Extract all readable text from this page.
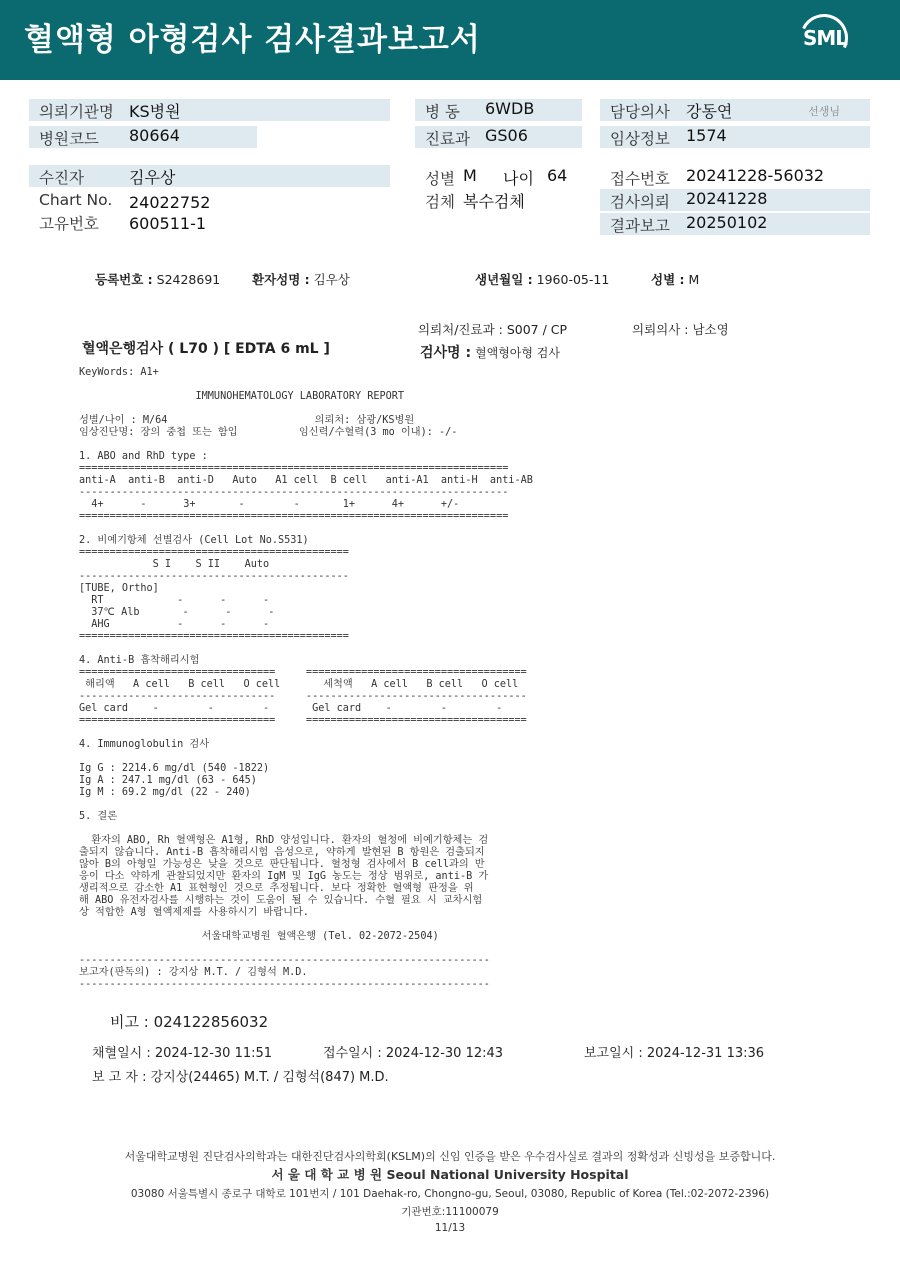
혈액형 아형검사 검사결과보고서	SML
의뢰기관명 KS병원
병원코드 80664
수진자	김우상
Chart No. 24022752
고유번호 600511-1
병 동 6WDB
진료과 GS06
성별 M 나이 64
검체 복수검체
담당의사 강동연	선생님
임상정보 1574
접수번호 20241228-56032
검사의뢰 20241228
결과보고 20250102
등록번호 : S2428691	환자성명 : 김우상	생년월일 : 1960-05-11	성별 : M
의뢰처/진료과 : S007 / CP	의뢰의사 : 남소영
혈액은행검사 ( L70 ) [ EDTA 6 mL ]	검사명 : 혈액형아형 검사
KeyWords: A1+

IMMUNOHEMATOLOGY LABORATORY REPORT

성별/나이 : M/64                        의뢰처: 삼광/KS병원
임상진단명: 장의 중첩 또는 함입          임신력/수혈력(3 mo 이내): -/-

1. ABO and RhD type :
======================================================================
anti-A  anti-B  anti-D   Auto   A1 cell  B cell   anti-A1  anti-H  anti-AB
----------------------------------------------------------------------
4+      -      3+       -        -       1+      4+      +/-
======================================================================

2. 비예기항체 선별검사 (Cell Lot No.S531)
============================================
S I    S II    Auto
--------------------------------------------
[TUBE, Ortho]
RT            -      -      -
37℃ Alb       -      -      -
AHG           -      -      -
============================================

4. Anti-B 흡착해리시험
================================     ====================================
해리액   A cell   B cell   O cell       세척액   A cell   B cell   O cell
--------------------------------     ------------------------------------
Gel card    -        -        -       Gel card    -        -        -
================================     ====================================

4. Immunoglobulin 검사

Ig G : 2214.6 mg/dl (540 -1822)
Ig A : 247.1 mg/dl (63 - 645)
Ig M : 69.2 mg/dl (22 - 240)

5. 결론

환자의 ABO, Rh 혈액형은 A1형, RhD 양성입니다. 환자의 혈청에 비예기항체는 검
출되지 않습니다. Anti-B 흡착해리시험 음성으로, 약하게 발현된 B 항원은 검출되지
않아 B의 아형일 가능성은 낮을 것으로 판단됩니다. 혈청형 검사에서 B cell과의 반
응이 다소 약하게 관찰되었지만 환자의 IgM 및 IgG 농도는 정상 범위로, anti-B 가
생리적으로 감소한 A1 표현형인 것으로 추정됩니다. 보다 정확한 혈액형 판정을 위
해 ABO 유전자검사를 시행하는 것이 도움이 될 수 있습니다. 수혈 필요 시 교차시험
상 적합한 A형 혈액제제를 사용하시기 바랍니다.

서울대학교병원 혈액은행 (Tel. 02-2072-2504)

-------------------------------------------------------------------
보고자(판독의) : 강지상 M.T. / 김형석 M.D.
-------------------------------------------------------------------
비고 : 024122856032
채혈일시 : 2024-12-30 11:51	접수일시 : 2024-12-30 12:43	보고일시 : 2024-12-31 13:36
보 고 자 : 강지상(24465) M.T. / 김형석(847) M.D.
서울대학교병원 진단검사의학과는 대한진단검사의학회(KSLM)의 신임 인증을 받은 우수검사실로 결과의 정확성과 신빙성을 보증합니다.
서 울 대 학 교 병 원 Seoul National University Hospital
03080 서울특별시 종로구 대학로 101번지 / 101 Daehak-ro, Chongno-gu, Seoul, 03080, Republic of Korea (Tel.:02-2072-2396)
기관번호:11100079
11/13
